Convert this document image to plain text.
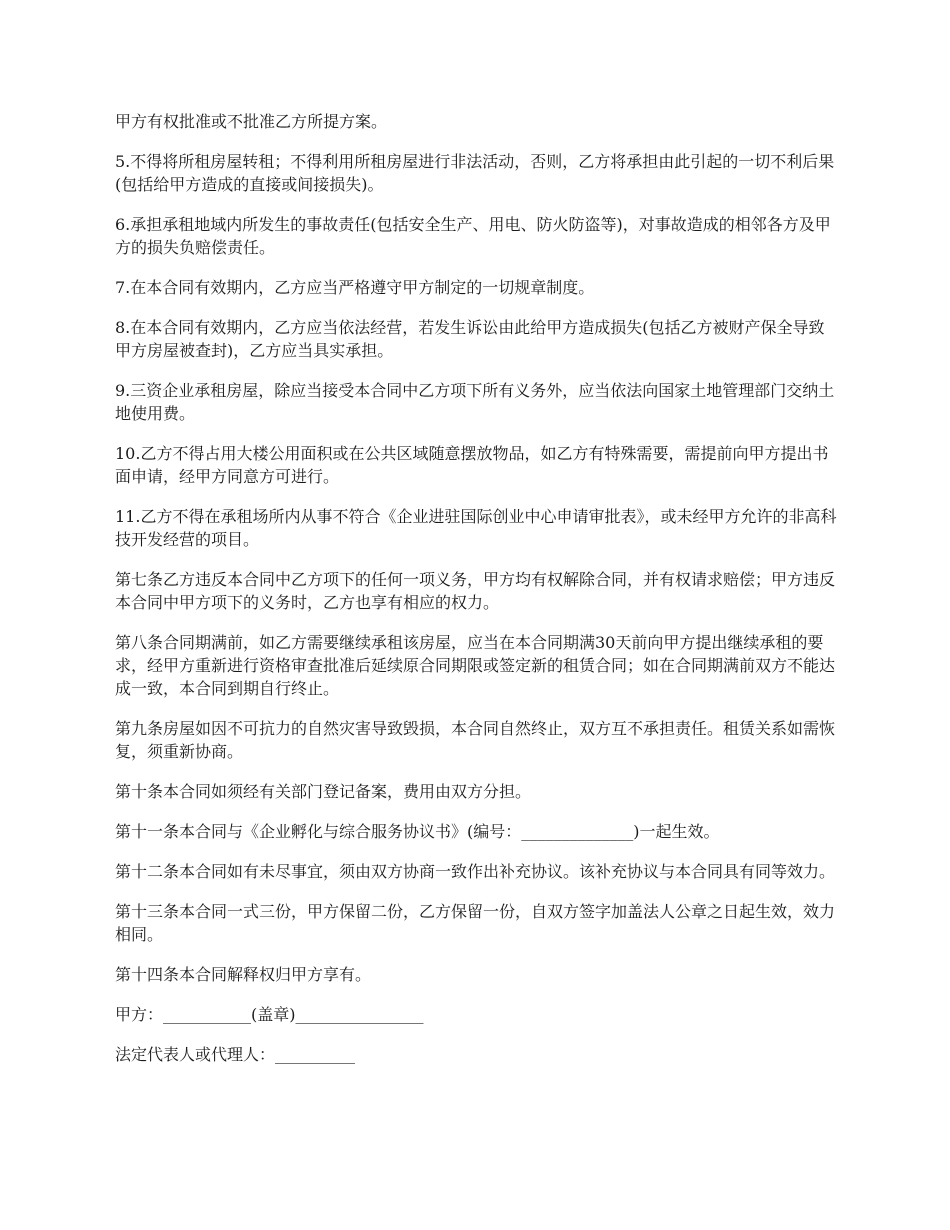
甲方有权批准或不批准乙方所提方案。

5.不得将所租房屋转租；不得利用所租房屋进行非法活动，否则，乙方将承担由此引起的一切不利后果(包括给甲方造成的直接或间接损失)。

6.承担承租地域内所发生的事故责任(包括安全生产、用电、防火防盗等)，对事故造成的相邻各方及甲方的损失负赔偿责任。

7.在本合同有效期内，乙方应当严格遵守甲方制定的一切规章制度。

8.在本合同有效期内，乙方应当依法经营，若发生诉讼由此给甲方造成损失(包括乙方被财产保全导致甲方房屋被查封)，乙方应当具实承担。

9.三资企业承租房屋，除应当接受本合同中乙方项下所有义务外，应当依法向国家土地管理部门交纳土地使用费。

10.乙方不得占用大楼公用面积或在公共区域随意摆放物品，如乙方有特殊需要，需提前向甲方提出书面申请，经甲方同意方可进行。

11.乙方不得在承租场所内从事不符合《企业进驻国际创业中心申请审批表》，或未经甲方允许的非高科技开发经营的项目。

第七条乙方违反本合同中乙方项下的任何一项义务，甲方均有权解除合同，并有权请求赔偿；甲方违反本合同中甲方项下的义务时，乙方也享有相应的权力。

第八条合同期满前，如乙方需要继续承租该房屋，应当在本合同期满30天前向甲方提出继续承租的要求，经甲方重新进行资格审查批准后延续原合同期限或签定新的租赁合同；如在合同期满前双方不能达成一致，本合同到期自行终止。

第九条房屋如因不可抗力的自然灾害导致毁损，本合同自然终止，双方互不承担责任。租赁关系如需恢复，须重新协商。

第十条本合同如须经有关部门登记备案，费用由双方分担。

第十一条本合同与《企业孵化与综合服务协议书》(编号：______________)一起生效。

第十二条本合同如有未尽事宜，须由双方协商一致作出补充协议。该补充协议与本合同具有同等效力。

第十三条本合同一式三份，甲方保留二份，乙方保留一份，自双方签字加盖法人公章之日起生效，效力相同。

第十四条本合同解释权归甲方享有。

甲方：___________(盖章)________________

法定代表人或代理人：__________
